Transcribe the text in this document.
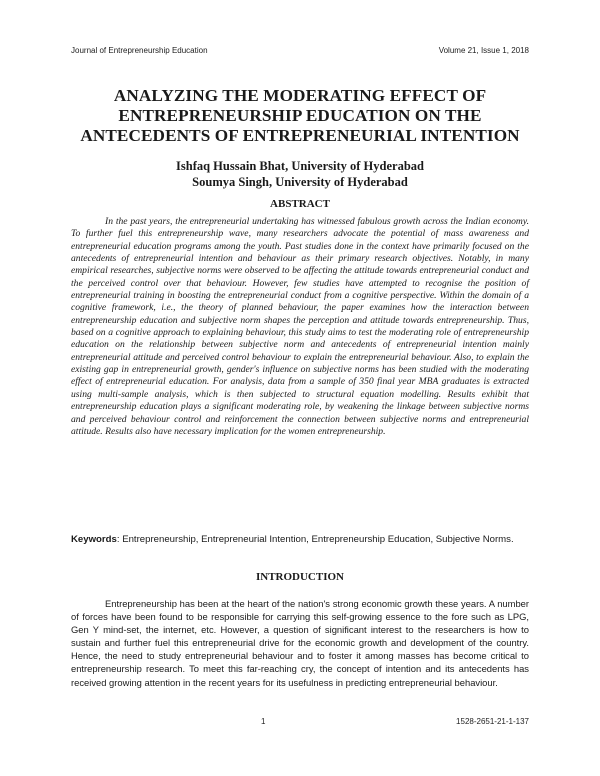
Journal of Entrepreneurship Education	Volume 21, Issue 1, 2018
ANALYZING THE MODERATING EFFECT OF
ENTREPRENEURSHIP EDUCATION ON THE
ANTECEDENTS OF ENTREPRENEURIAL INTENTION
Ishfaq Hussain Bhat, University of Hyderabad
Soumya Singh, University of Hyderabad
ABSTRACT

In the past years, the entrepreneurial undertaking has witnessed fabulous growth across the Indian economy. To further fuel this entrepreneurship wave, many researchers advocate the potential of mass awareness and entrepreneurial education programs among the youth. Past studies done in the context have primarily focused on the antecedents of entrepreneurial intention and behaviour as their primary research objectives. Notably, in many empirical researches, subjective norms were observed to be affecting the attitude towards entrepreneurial conduct and the perceived control over that behaviour. However, few studies have attempted to recognise the position of entrepreneurial training in boosting the entrepreneurial conduct from a cognitive perspective. Within the domain of a cognitive framework, i.e., the theory of planned behaviour, the paper examines how the interaction between entrepreneurship education and subjective norm shapes the perception and attitude towards entrepreneurship. Thus, based on a cognitive approach to explaining behaviour, this study aims to test the moderating role of entrepreneurship education on the relationship between subjective norm and antecedents of entrepreneurial intention mainly entrepreneurial attitude and perceived control behaviour to explain the entrepreneurial behaviour. Also, to explain the existing gap in entrepreneurial growth, gender's influence on subjective norms has been studied with the moderating effect of entrepreneurial education. For analysis, data from a sample of 350 final year MBA graduates is extracted using multi-sample analysis, which is then subjected to structural equation modelling. Results exhibit that entrepreneurship education plays a significant moderating role, by weakening the linkage between subjective norms and perceived behaviour control and reinforcement the connection between subjective norms and entrepreneurial attitude. Results also have necessary implication for the women entrepreneurship.

Keywords: Entrepreneurship, Entrepreneurial Intention, Entrepreneurship Education, Subjective Norms.

INTRODUCTION

Entrepreneurship has been at the heart of the nation's strong economic growth these years. A number of forces have been found to be responsible for carrying this self-growing essence to the fore such as LPG, Gen Y mind-set, the internet, etc. However, a question of significant interest to the researchers is how to sustain and further fuel this entrepreneurial drive for the economic growth and development of the country. Hence, the need to study entrepreneurial behaviour and to foster it among masses has become critical to entrepreneurship research. To meet this far-reaching cry, the concept of intention and its antecedents has received growing attention in the recent years for its usefulness in predicting entrepreneurial behaviour.

1	1528-2651-21-1-137
